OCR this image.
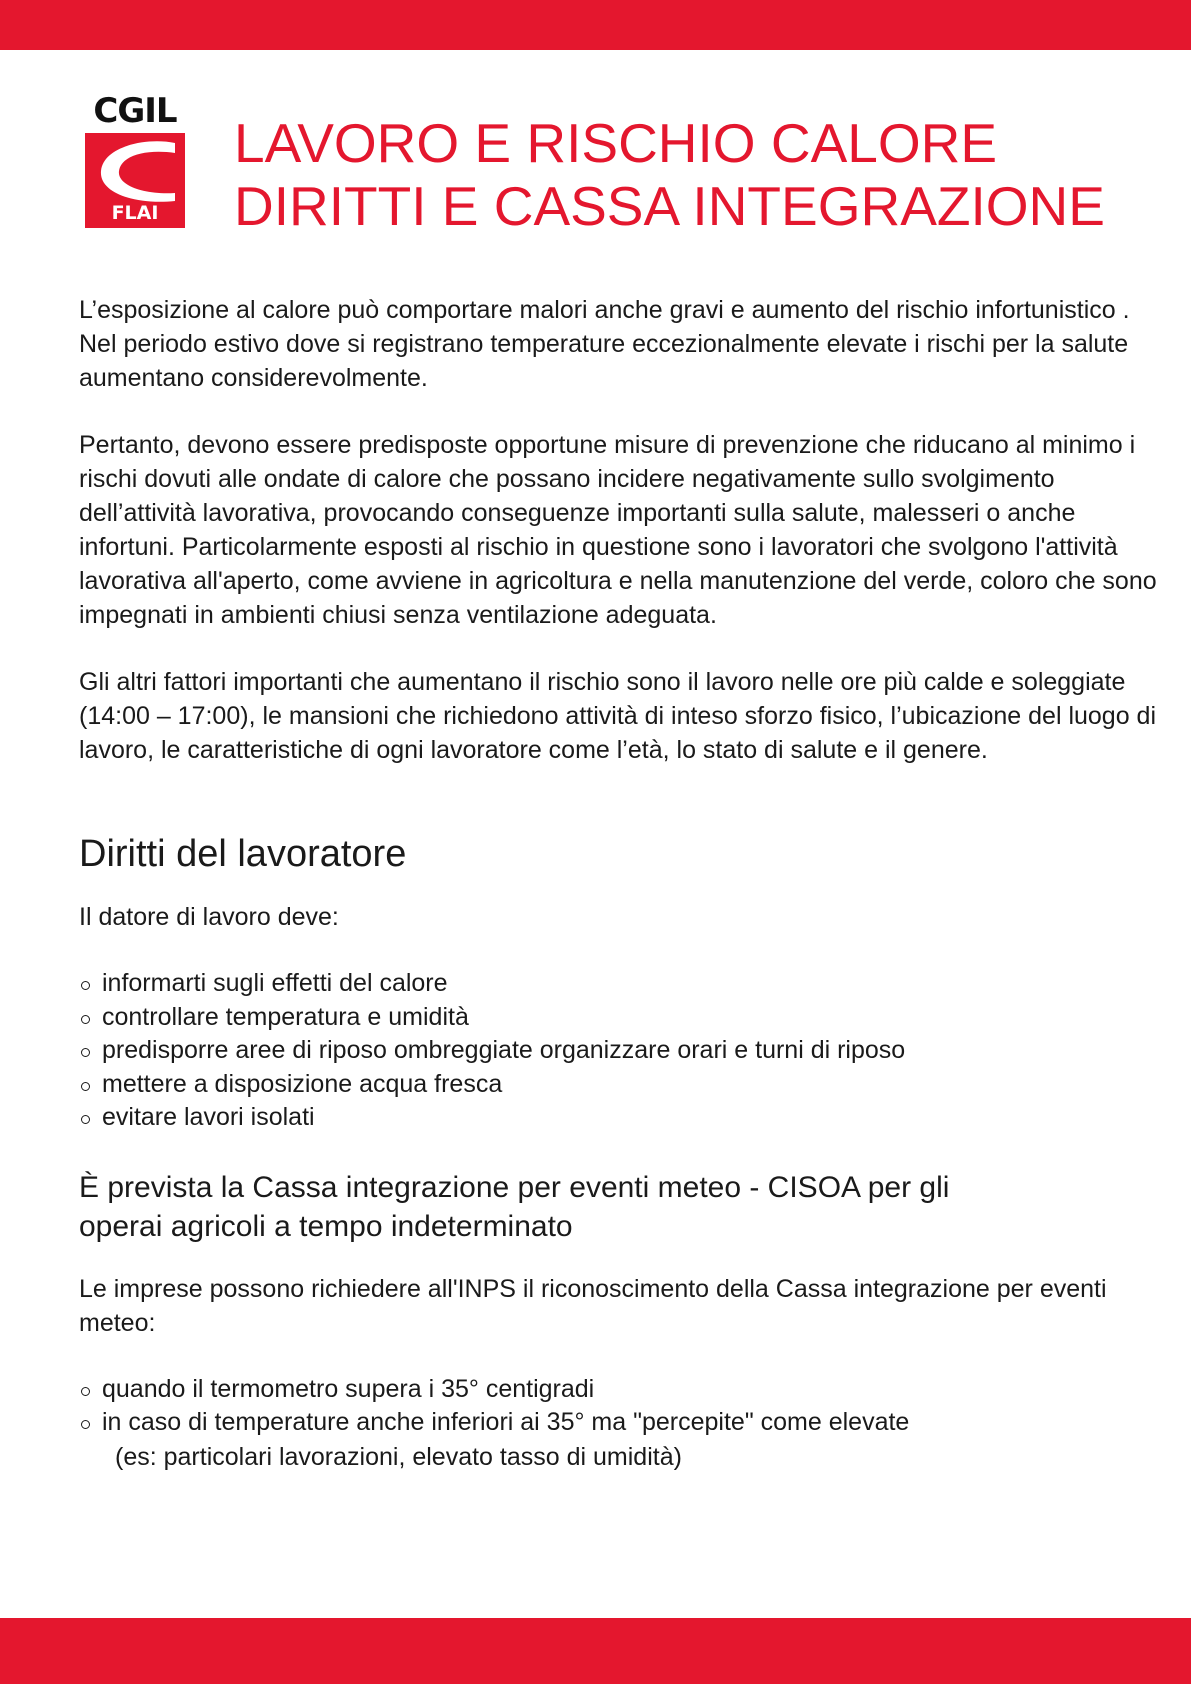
CGIL
FLAI
LAVORO E RISCHIO CALORE
DIRITTI E CASSA INTEGRAZIONE

L’esposizione al calore può comportare malori anche gravi e aumento del rischio infortunistico . Nel periodo estivo dove si registrano temperature eccezionalmente elevate i rischi per la salute aumentano considerevolmente.

Pertanto, devono essere predisposte opportune misure di prevenzione che riducano al minimo i rischi dovuti alle ondate di calore che possano incidere negativamente sullo svolgimento dell’attività lavorativa, provocando conseguenze importanti sulla salute, malesseri o anche infortuni. Particolarmente esposti al rischio in questione sono i lavoratori che svolgono l'attività lavorativa all'aperto, come avviene in agricoltura e nella manutenzione del verde, coloro che sono impegnati in ambienti chiusi senza ventilazione adeguata.

Gli altri fattori importanti che aumentano il rischio sono il lavoro nelle ore più calde e soleggiate (14:00 – 17:00), le mansioni che richiedono attività di inteso sforzo fisico, l’ubicazione del luogo di lavoro, le caratteristiche di ogni lavoratore come l’età, lo stato di salute e il genere.

Diritti del lavoratore

Il datore di lavoro deve:

informarti sugli effetti del calore
controllare temperatura e umidità
predisporre aree di riposo ombreggiate organizzare orari e turni di riposo
mettere a disposizione acqua fresca
evitare lavori isolati
È prevista la Cassa integrazione per eventi meteo - CISOA per gli
operai agricoli a tempo indeterminato

Le imprese possono richiedere all'INPS il riconoscimento della Cassa integrazione per eventi meteo:

quando il termometro supera i 35° centigradi
in caso di temperature anche inferiori ai 35° ma "percepite" come elevate

(es: particolari lavorazioni, elevato tasso di umidità)
